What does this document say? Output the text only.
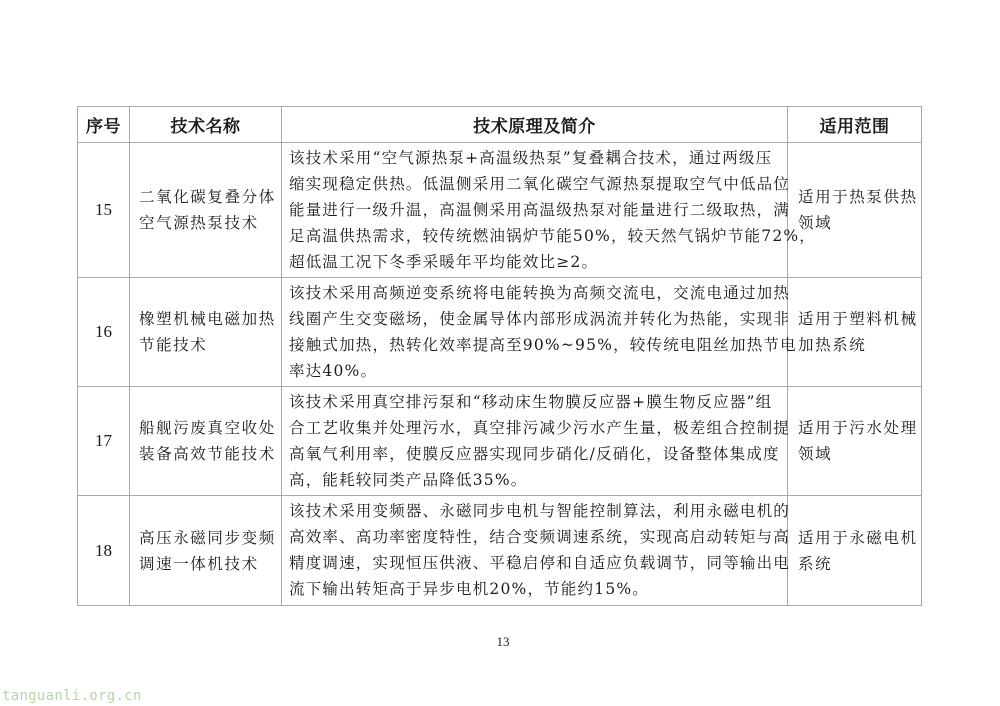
序号	技术名称	技术原理及简介	适用范围
15	二氧化碳复叠分体
空气源热泵技术	该技术采用“空气源热泵+高温级热泵”复叠耦合技术，通过两级压
缩实现稳定供热。低温侧采用二氧化碳空气源热泵提取空气中低品位
能量进行一级升温，高温侧采用高温级热泵对能量进行二级取热，满
足高温供热需求，较传统燃油锅炉节能50%，较天然气锅炉节能72%，
超低温工况下冬季采暖年平均能效比≥2。	适用于热泵供热
领域

16	橡塑机械电磁加热
节能技术	该技术采用高频逆变系统将电能转换为高频交流电，交流电通过加热
线圈产生交变磁场，使金属导体内部形成涡流并转化为热能，实现非
接触式加热，热转化效率提高至90%~95%，较传统电阻丝加热节电
率达40%。	适用于塑料机械
加热系统

17	船舰污废真空收处
装备高效节能技术	该技术采用真空排污泵和“移动床生物膜反应器+膜生物反应器”组
合工艺收集并处理污水，真空排污减少污水产生量，极差组合控制提
高氧气利用率，使膜反应器实现同步硝化/反硝化，设备整体集成度
高，能耗较同类产品降低35%。	适用于污水处理
领域

18	高压永磁同步变频
调速一体机技术	该技术采用变频器、永磁同步电机与智能控制算法，利用永磁电机的
高效率、高功率密度特性，结合变频调速系统，实现高启动转矩与高
精度调速，实现恒压供液、平稳启停和自适应负载调节，同等输出电
流下输出转矩高于异步电机20%，节能约15%。	适用于永磁电机
系统
13
tanguanli.org.cn
